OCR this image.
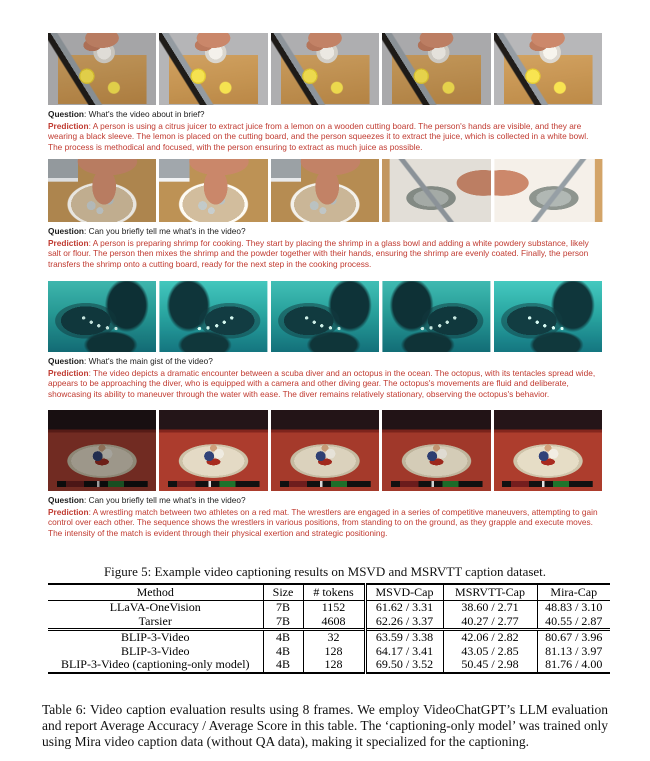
Question: What's the video about in brief?

Prediction: A person is using a citrus juicer to extract juice from a lemon on a wooden cutting board. The person's hands are visible, and they are wearing a black sleeve. The lemon is placed on the cutting board, and the person squeezes it to extract the juice, which is collected in a white bowl. The process is methodical and focused, with the person ensuring to extract as much juice as possible.

Question: Can you briefly tell me what's in the video?

Prediction: A person is preparing shrimp for cooking. They start by placing the shrimp in a glass bowl and adding a white powdery substance, likely salt or flour. The person then mixes the shrimp and the powder together with their hands, ensuring the shrimp are evenly coated. Finally, the person transfers the shrimp onto a cutting board, ready for the next step in the cooking process.

Question: What's the main gist of the video?

Prediction: The video depicts a dramatic encounter between a scuba diver and an octopus in the ocean. The octopus, with its tentacles spread wide, appears to be approaching the diver, who is equipped with a camera and other diving gear. The octopus's movements are fluid and deliberate, showcasing its ability to maneuver through the water with ease. The diver remains relatively stationary, observing the octopus's behavior.

Question: Can you briefly tell me what's in the video?

Prediction: A wrestling match between two athletes on a red mat. The wrestlers are engaged in a series of competitive maneuvers, attempting to gain control over each other. The sequence shows the wrestlers in various positions, from standing to on the ground, as they grapple and execute moves. The intensity of the match is evident through their physical exertion and strategic positioning.

Figure 5: Example video captioning results on MSVD and MSRVTT caption dataset.

Method	Size	# tokens	MSVD-Cap	MSRVTT-Cap	Mira-Cap
LLaVA-OneVision	7B	1152	61.62 / 3.31	38.60 / 2.71	48.83 / 3.10
Tarsier	7B	4608	62.26 / 3.37	40.27 / 2.77	40.55 / 2.87
BLIP-3-Video	4B	32	63.59 / 3.38	42.06 / 2.82	80.67 / 3.96
BLIP-3-Video	4B	128	64.17 / 3.41	43.05 / 2.85	81.13 / 3.97
BLIP-3-Video (captioning-only model)	4B	128	69.50 / 3.52	50.45 / 2.98	81.76 / 4.00

Table 6: Video caption evaluation results using 8 frames. We employ VideoChatGPT’s LLM evaluation and report Average Accuracy / Average Score in this table. The ‘captioning-only model’ was trained only using Mira video caption data (without QA data), making it specialized for the captioning.
